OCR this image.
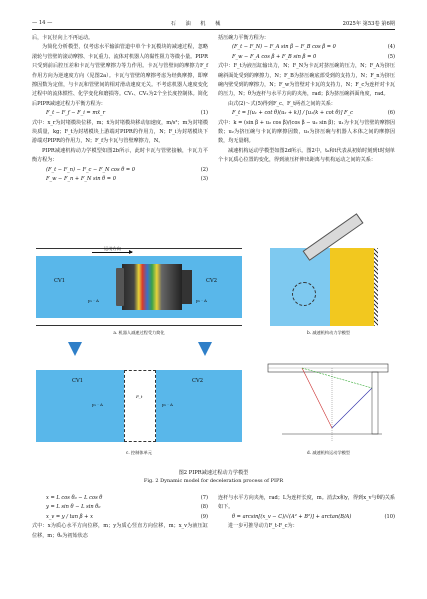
— 14 —	石 油 机 械	2025年 第53卷 第6期

后，卡瓦径向上不再运动。

为简化分析模型，仅考虑水平输油管道中单个卡瓦模块的减速过程，忽略滚轮与管壁的滚动摩擦、卡瓦重力、流体对机器人的黏性阻力等微小量。PIPR只受到前后腔压差和卡瓦与管壁摩擦力等力作用。卡瓦与管壁间的摩擦力F_f作用方向为逆速度方向（见图2a）。卡瓦与管壁的摩擦考虑为经典摩擦，即摩擦因数为定值，与卡瓦和管壁间的相对滑动速度无关。不考虑机器人速度变化过程中的流体惯性、化学变化和磨损等。CV₁、CV₂为2个全长度控制体。简化后PIPR减速过程力平衡方程为：

F_t − F_f − F_i = mẍ_r	(1)

式中：x_r为封堵模块位移，m；ẍ为封堵模块移动加速度，m/s²；m为封堵模块质量，kg；F_t为封堵模块上游端对PIPR的作用力，N；F_i为封堵模块下游端对PIPR的作用力，N；F_f为卡瓦与管壁摩擦力，N。

PIPR减速机构动力学模型如图2b所示，此时卡瓦与管壁接触，卡瓦力平衡方程为：

(F_t − F_n) − F_c − F_N cos θ = 0	(2)
F_w − F_n + F_N sin θ = 0	(3)

括压碗力平衡方程为：

(F_t − F_N) − F_A sin β − F_B cos β = 0	(4)
F_w − F_A cos β + F_B sin β = 0	(5)

式中：F_t为液压缸输出力，N；F_N为卡瓦对挤压碗的压力，N；F_A为挤压碗斜面处受到的摩擦力，N；F_B为挤压碗底部受到的支持力，N；F_n为挤压碗内壁受到的摩擦力，N；F_w为管壁对卡瓦的支持力，N；F_c为连杆对卡瓦的压力，N；θ为连杆与水平方向的夹角，rad；β为挤压碗斜面角度，rad。

由式(2)～式(5)得到F_c、F_t两者之间的关系：

F_t = [(u₁ + cot θ)(u₂ + k)] / [u₁(k + cot θ)] F_c	(6)

式中：k = (sin β + u₂ cos β)/(cos β − u₂ sin β)；u₁为卡瓦与管壁的摩擦因数；u₂为挤压碗与卡瓦的摩擦因数，u₃为挤压碗与机器人本体之间的摩擦因数，均无量纲。

减速机构运动学模型如图2d所示。图2中，t₀和t代表从初始时刻到t时刻单个卡瓦质心位置的变化，得到液压杆伸出距离与机构运动之间的关系：

运动方向
CV1	CV2
p₁ · A	p₂ · A
a. 机器人减速过程受力简化	b. 减速机构动力学模型
CV1	CV2
p₁ · A	p₂ · A
F_t
c. 控制体单元	d. 减速机构运动学模型
图2 PIPR减速过程动力学模型
Fig. 2 Dynamic model for deceleration process of PIPR
x = L cos θ₀ − L cos θ	(7)
y = L sin θ − L sin θ₀	(8)
x_v = y / tan β + x	(9)

式中：x为质心水平方向位移，m；y为质心竖直方向位移，m；x_v为液压缸位移，m；θ₀为初始状态

连杆与水平方向夹角，rad；L为连杆长度，m。消去x和y，得到x_v与θ的关系如下。

θ = arcsin[(x_v − C)/√(A² + B²)] + arctan(B/A)	(10)

进一步可推导动力F_t-F_c为：
